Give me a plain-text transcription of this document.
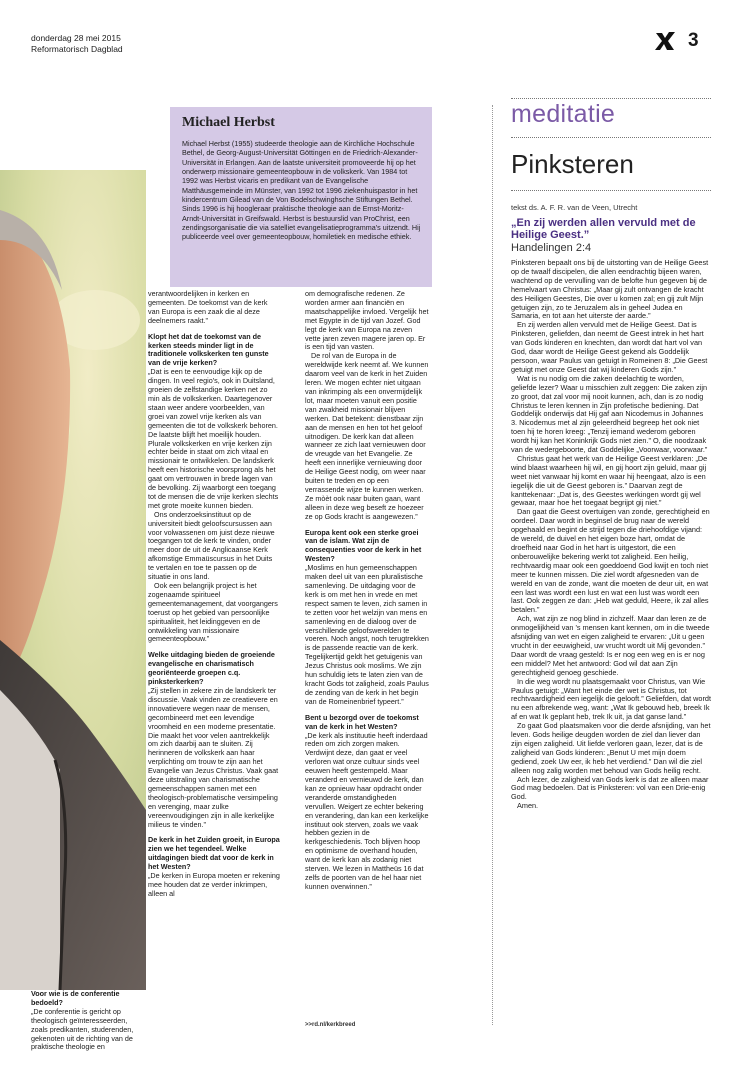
donderdag 28 mei 2015
Reformatorisch Dagblad	3
Michael Herbst
Michael Herbst (1955) studeerde theologie aan de Kirchliche Hochschule Bethel, de Georg-August-Universität Göttingen en de Friedrich-Alexander-Universität in Erlangen. Aan de laatste universiteit promoveerde hij op het onderwerp missionaire gemeenteopbouw in de volkskerk. Van 1984 tot 1992 was Herbst vicaris en predikant van de Evangelische Matthäusgemeinde im Münster, van 1992 tot 1996 ziekenhuispastor in het kindercentrum Gilead van de Von Bodelschwinghsche Stiftungen Bethel. Sinds 1996 is hij hoogleraar praktische theologie aan de Ernst-Moritz-Arndt-Universität in Greifswald. Herbst is bestuurslid van ProChrist, een zendingsorganisatie die via satelliet evangelisatieprogramma's uitzendt. Hij publiceerde veel over gemeenteopbouw, homiletiek en medische ethiek.

verantwoordelijken in kerken en gemeenten. De toekomst van de kerk van Europa is een zaak die al deze deelnemers raakt.”

Klopt het dat de toekomst van de kerken steeds minder ligt in de traditionele volkskerken ten gunste van de vrije kerken?

„Dat is een te eenvoudige kijk op de dingen. In veel regio's, ook in Duitsland, groeien de zelfstandige kerken net zo min als de volkskerken. Daartegenover staan weer andere voorbeelden, van groei van zowel vrije kerken als van gemeenten die tot de volkskerk behoren. De laatste blijft het moeilijk houden. Plurale volkskerken en vrije kerken zijn echter beide in staat om zich vitaal en missionair te ontwikkelen. De landskerk heeft een historische voorsprong als het gaat om vertrouwen in brede lagen van de bevolking. Zij waarborgt een toegang tot de mensen die de vrije kerken slechts met grote moeite kunnen bieden.

Ons onderzoeksinstituut op de universiteit biedt geloofscursussen aan voor volwassenen om juist deze nieuwe toegangen tot de kerk te vinden, onder meer door de uit de Anglicaanse Kerk afkomstige Emmaüscursus in het Duits te vertalen en toe te passen op de situatie in ons land.

Ook een belangrijk project is het zogenaamde spiritueel gemeentemanagement, dat voorgangers toerust op het gebied van persoonlijke spiritualiteit, het leidinggeven en de ontwikkeling van missionaire gemeenteopbouw.”

Welke uitdaging bieden de groeiende evangelische en charismatisch georiënteerde groepen c.q. pinksterkerken?

„Zij stellen in zekere zin de landskerk ter discussie. Vaak vinden ze creatievere en innovatievere wegen naar de mensen, gecombineerd met een levendige vroomheid en een moderne presentatie. Die maakt het voor velen aantrekkelijk om zich daarbij aan te sluiten. Zij herinneren de volkskerk aan haar verplichting om trouw te zijn aan het Evangelie van Jezus Christus. Vaak gaat deze uitstraling van charismatische gemeenschappen samen met een theologisch-problematische versimpeling en verenging, maar zulke vereenvoudigingen zijn in alle kerkelijke milieus te vinden.”

De kerk in het Zuiden groeit, in Europa zien we het tegendeel. Welke uitdagingen biedt dat voor de kerk in het Westen?

„De kerken in Europa moeten er rekening mee houden dat ze verder inkrimpen, alleen al

om demografische redenen. Ze worden armer aan financiën en maatschappelijke invloed. Vergelijk het met Egypte in de tijd van Jozef. God legt de kerk van Europa na zeven vette jaren zeven magere jaren op. Er is een tijd van vasten.

De rol van de Europa in de wereldwijde kerk neemt af. We kunnen daarom veel van de kerk in het Zuiden leren. We mogen echter niet uitgaan van inkrimping als een onvermijdelijk lot, maar moeten vanuit een positie van zwakheid missionair blijven werken. Dat betekent: dienstbaar zijn aan de mensen en hen tot het geloof uitnodigen. De kerk kan dat alleen wanneer ze zich laat vernieuwen door de vreugde van het Evangelie. Ze heeft een innerlijke vernieuwing door de Heilige Geest nodig, om weer naar buiten te treden en op een verrassende wijze te kunnen werken. Ze mòèt ook naar buiten gaan, want alleen in deze weg beseft ze hoezeer ze op Gods kracht is aangewezen.”

Europa kent ook een sterke groei van de islam. Wat zijn de consequenties voor de kerk in het Westen?

„Moslims en hun gemeenschappen maken deel uit van een pluralistische samenleving. De uitdaging voor de kerk is om met hen in vrede en met respect samen te leven, zich samen in te zetten voor het welzijn van mens en samenleving en de dialoog over de verschillende geloofswerelden te voeren. Noch angst, noch terugtrekken is de passende reactie van de kerk. Tegelijkertijd geldt het getuigenis van Jezus Christus ook moslims. We zijn hun schuldig iets te laten zien van de kracht Gods tot zaligheid, zoals Paulus de zending van de kerk in het begin van de Romeinenbrief typeert.”

Bent u bezorgd over de toekomst van de kerk in het Westen?

„De kerk als instituutie heeft inderdaad reden om zich zorgen maken. Verdwijnt deze, dan gaat er veel verloren wat onze cultuur sinds veel eeuwen heeft gestempeld. Maar veranderd en vernieuwd de kerk, dan kan ze opnieuw haar opdracht onder veranderde omstandigheden vervullen. Weigert ze echter bekering en verandering, dan kan een kerkelijke instituut ook sterven, zoals we vaak hebben gezien in de kerkgeschiedenis. Toch blijven hoop en optimisme de overhand houden, want de kerk kan als zodanig niet sterven. We lezen in Mattheüs 16 dat zelfs de poorten van de hel haar niet kunnen overwinnen.”

Voor wie is de conferentie bedoeld?

„De conferentie is gericht op theologisch geïnteresseerden, zoals predikanten, studerenden, gekenoten uit de richting van de praktische theologie en

>>rd.nl/kerkbreed
meditatie
Pinksteren
tekst ds. A. F. R. van de Veen, Utrecht
„En zij werden allen vervuld met de Heilige Geest.”
Handelingen 2:4

Pinksteren bepaalt ons bij de uitstorting van de Heilige Geest op de twaalf discipelen, die allen eendrachtig bijeen waren, wachtend op de vervulling van de belofte hun gegeven bij de hemelvaart van Christus: „Maar gij zult ontvangen de kracht des Heiligen Geestes, Die over u komen zal; en gij zult Mijn getuigen zijn, zo te Jeruzalem als in geheel Judea en Samaria, en tot aan het uiterste der aarde.”

En zij werden allen vervuld met de Heilige Geest. Dat is Pinksteren, geliefden, dan neemt de Geest intrek in het hart van Gods kinderen en knechten, dan wordt dat hart vol van God, daar wordt de Heilige Geest gekend als Goddelijk persoon, waar Paulus van getuigt in Romeinen 8: „Die Geest getuigt met onze Geest dat wij kinderen Gods zijn.”

Wat is nu nodig om die zaken deelachtig te worden, geliefde lezer? Waar u misschien zult zeggen: Die zaken zijn zo groot, dat zal voor mij nooit kunnen, ach, dan is zo nodig Christus te leren kennen in Zijn profetische bediening. Dat Goddelijk onderwijs dat Hij gaf aan Nicodemus in Johannes 3. Nicodemus met al zijn geleerdheid begreep het ook niet toen hij te horen kreeg: „Tenzij iemand wederom geboren wordt hij kan het Koninkrijk Gods niet zien.” O, die noodzaak van de wedergeboorte, dat Goddelijke „Voorwaar, voorwaar.”

Christus gaat het werk van de Heilige Geest verklaren: „De wind blaast waarheen hij wil, en gij hoort zijn geluid, maar gij weet niet vanwaar hij komt en waar hij heengaat, alzo is een iegelijk die uit de Geest geboren is.” Daarvan zegt de kanttekenaar: „Dat is, des Geestes werkingen wordt gij wel gewaar, maar hoe het toegaat begrijpt gij niet.”

Dan gaat die Geest overtuigen van zonde, gerechtigheid en oordeel. Daar wordt in beginsel de brug naar de wereld opgehaald en begint de strijd tegen die driehoofdige vijand: de wereld, de duivel en het eigen boze hart, omdat de droefheid naar God in het hart is uitgestort, die een onberouwelijke bekering werkt tot zaligheid. Een heilig, rechtvaardig maar ook een goeddoend God kwijt en toch niet meer te kunnen missen. Die ziel wordt afgesneden van de wereld en van de zonde, want die moeten de deur uit, en wat een last was wordt een lust en wat een lust was wordt een last. Ook zeggen ze dan: „Heb wat geduld, Heere, ik zal alles betalen.”

Ach, wat zijn ze nog blind in zichzelf. Maar dan leren ze de onmogelijkheid van 's mensen kant kennen, om in die tweede afsnijding van wet en eigen zaligheid te ervaren: „Uit u geen vrucht in der eeuwigheid, uw vrucht wordt uit Mij gevonden.” Daar wordt de vraag gesteld: Is er nog een weg en is er nog een middel? Met het antwoord: God wil dat aan Zijn gerechtigheid genoeg geschiede.

In die weg wordt nu plaatsgemaakt voor Christus, van Wie Paulus getuigt: „Want het einde der wet is Christus, tot rechtvaardigheid een iegelijk die gelooft.” Geliefden, dat wordt nu een afbrekende weg, want: „Wat Ik gebouwd heb, breek Ik af en wat Ik geplant heb, trek Ik uit, ja dat ganse land.”

Zo gaat God plaatsmaken voor die derde afsnijding, van het leven. Gods heilige deugden worden de ziel dan liever dan zijn eigen zaligheid. Uit liefde verloren gaan, lezer, dat is de zaligheid van Gods kinderen: „Benut U met mijn doem gediend, zoek Uw eer, ik heb het verdiend.” Dan wil die ziel alleen nog zalig worden met behoud van Gods heilig recht.

Ach lezer, de zaligheid van Gods kerk is dat ze alleen maar God mag bedoelen. Dat is Pinksteren: vol van een Drie-enig God.

Amen.
